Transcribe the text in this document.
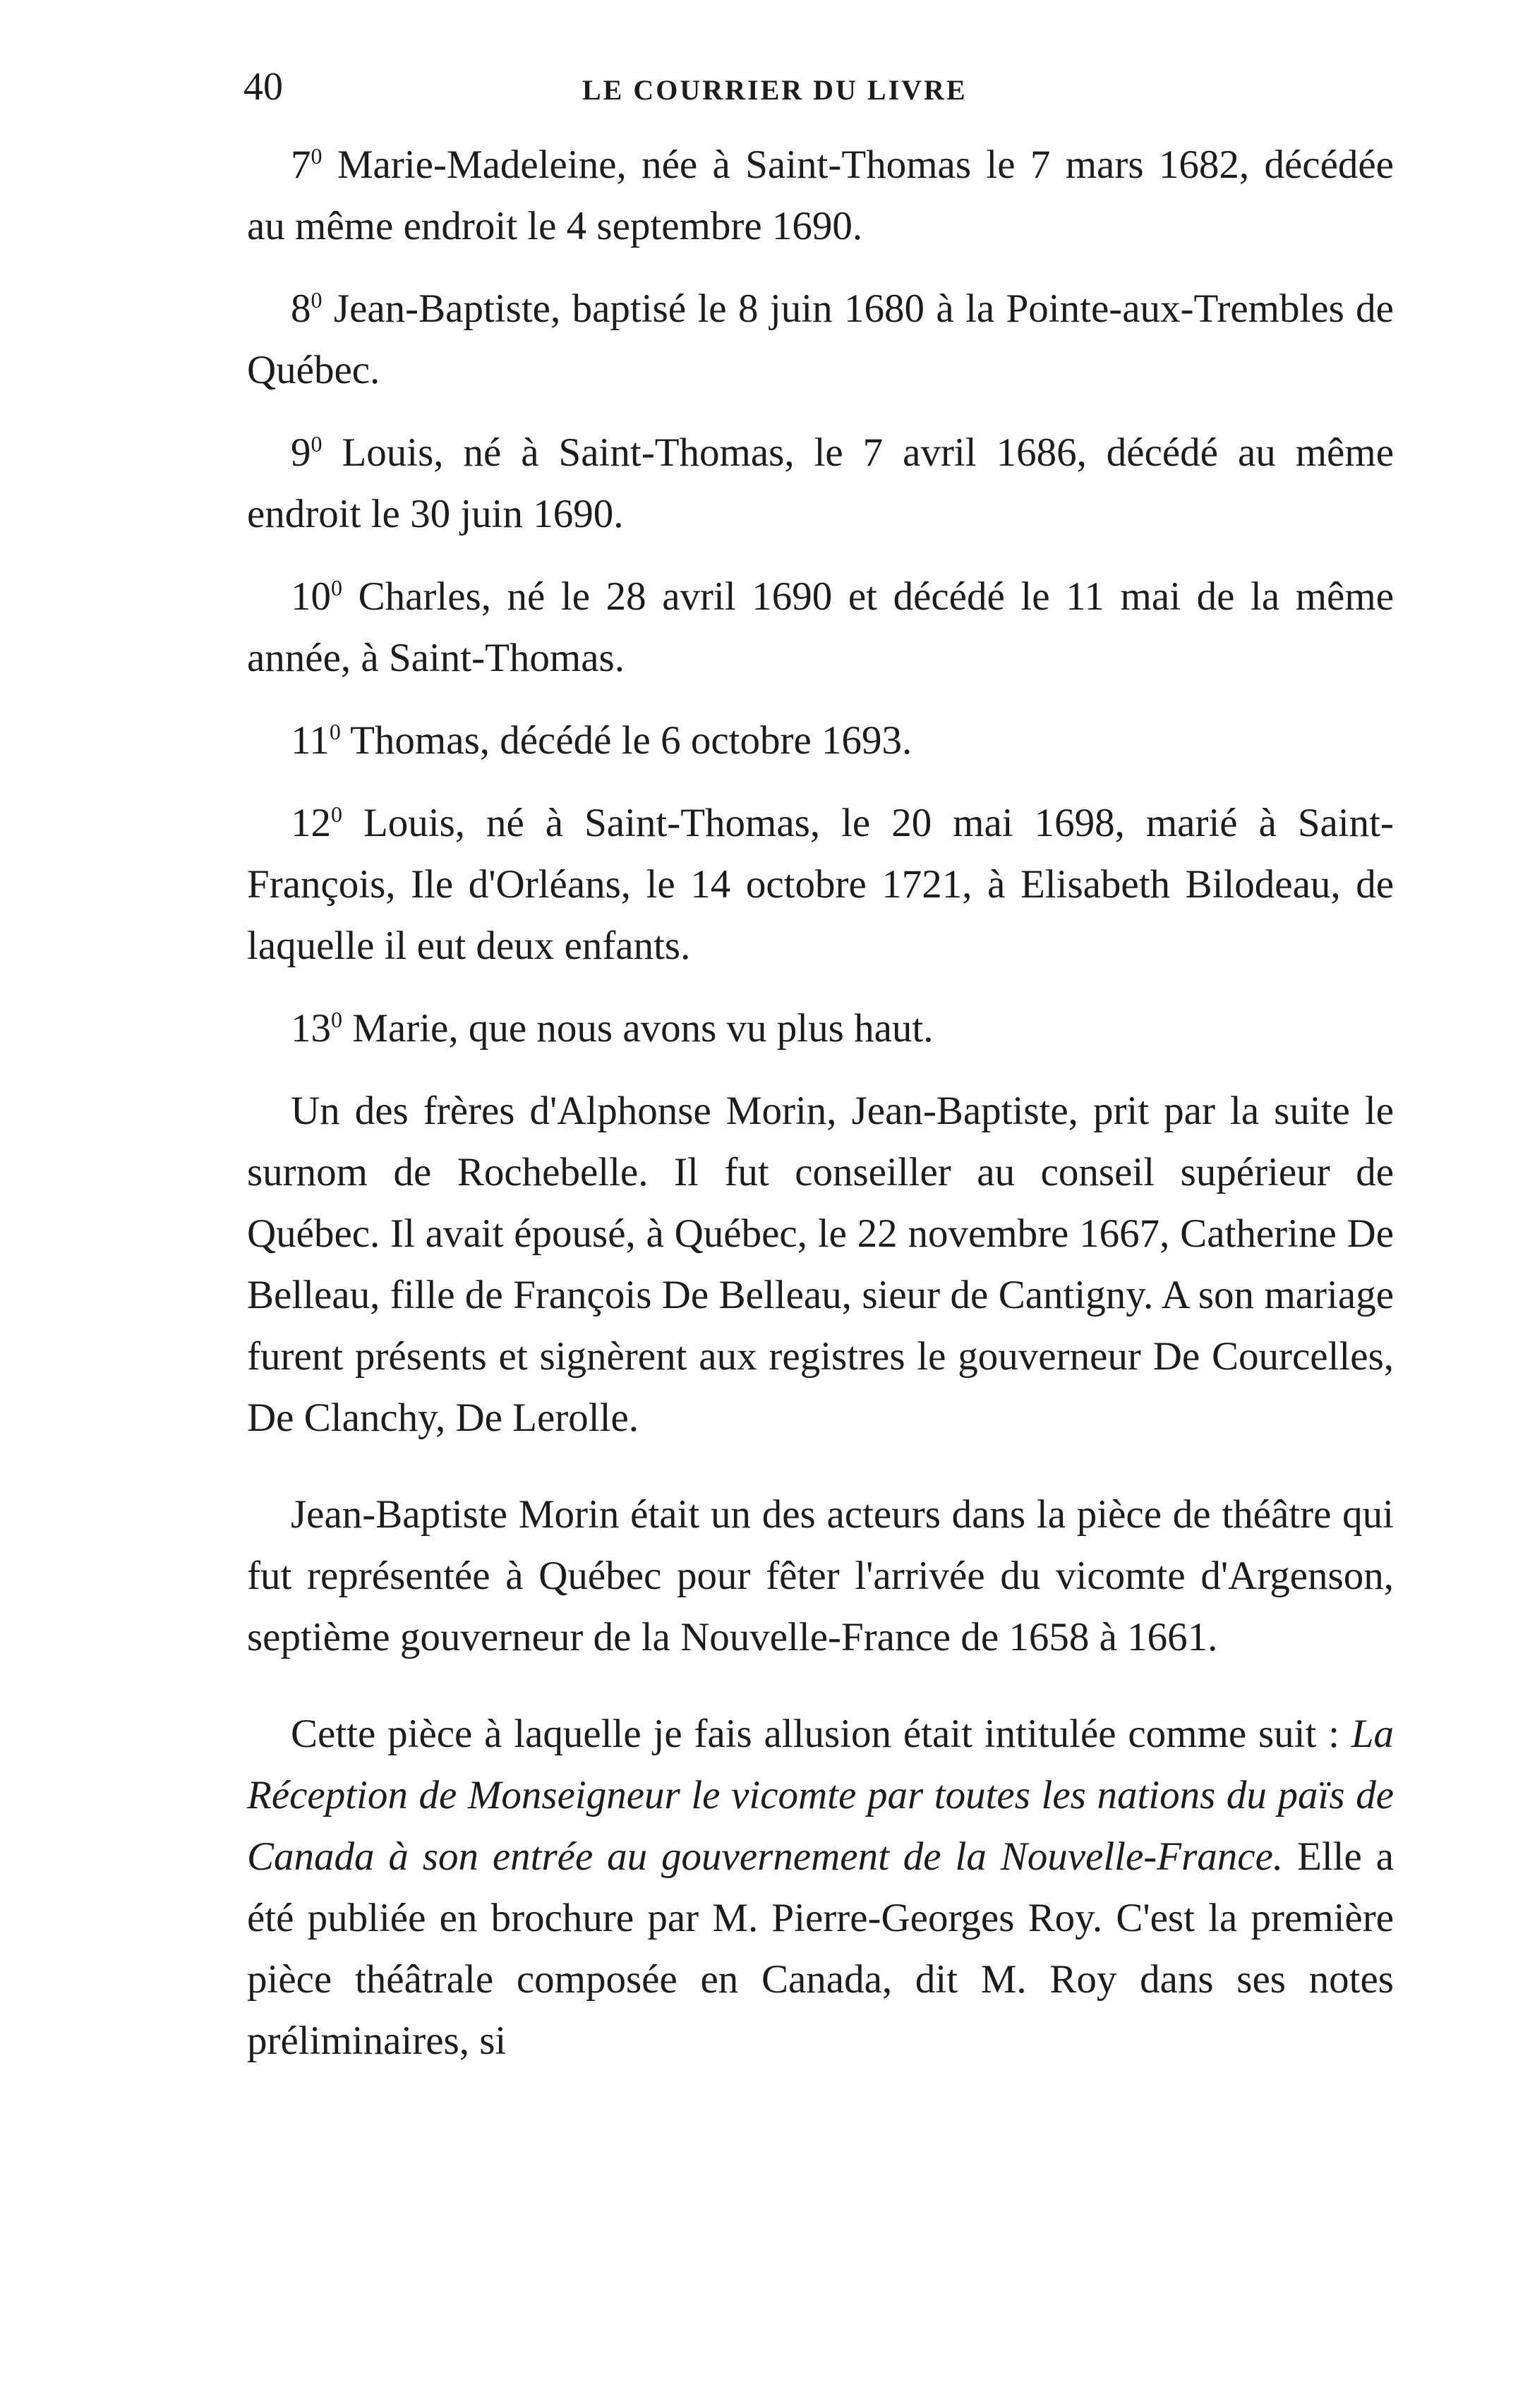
40	LE COURRIER DU LIVRE

$7^0$ Marie-Madeleine, née à Saint-Thomas le 7 mars 1682, décédée au même endroit le 4 septembre 1690.

$8^0$ Jean-Baptiste, baptisé le 8 juin 1680 à la Pointe-aux-Trembles de Québec.

$9^0$ Louis, né à Saint-Thomas, le 7 avril 1686, décédé au même endroit le 30 juin 1690.

$10^0$ Charles, né le 28 avril 1690 et décédé le 11 mai de la même année, à Saint-Thomas.

$11^0$ Thomas, décédé le 6 octobre 1693.

$12^0$ Louis, né à Saint-Thomas, le 20 mai 1698, marié à Saint-François, Ile d'Orléans, le 14 octobre 1721, à Elisabeth Bilodeau, de laquelle il eut deux enfants.

$13^0$ Marie, que nous avons vu plus haut.

Un des frères d'Alphonse Morin, Jean-Baptiste, prit par la suite le surnom de Rochebelle. Il fut conseiller au conseil supérieur de Québec. Il avait épousé, à Québec, le 22 novembre 1667, Catherine De Belleau, fille de François De Belleau, sieur de Cantigny. A son mariage furent présents et signèrent aux registres le gouverneur De Courcelles, De Clanchy, De Lerolle.

Jean-Baptiste Morin était un des acteurs dans la pièce de théâtre qui fut représentée à Québec pour fêter l'arrivée du vicomte d'Argenson, septième gouverneur de la Nouvelle-France de 1658 à 1661.

Cette pièce à laquelle je fais allusion était intitulée comme suit : La Réception de Monseigneur le vicomte par toutes les nations du païs de Canada à son entrée au gouvernement de la Nouvelle-France. Elle a été publiée en brochure par M. Pierre-Georges Roy. C'est la première pièce théâtrale composée en Canada, dit M. Roy dans ses notes préliminaires, si
